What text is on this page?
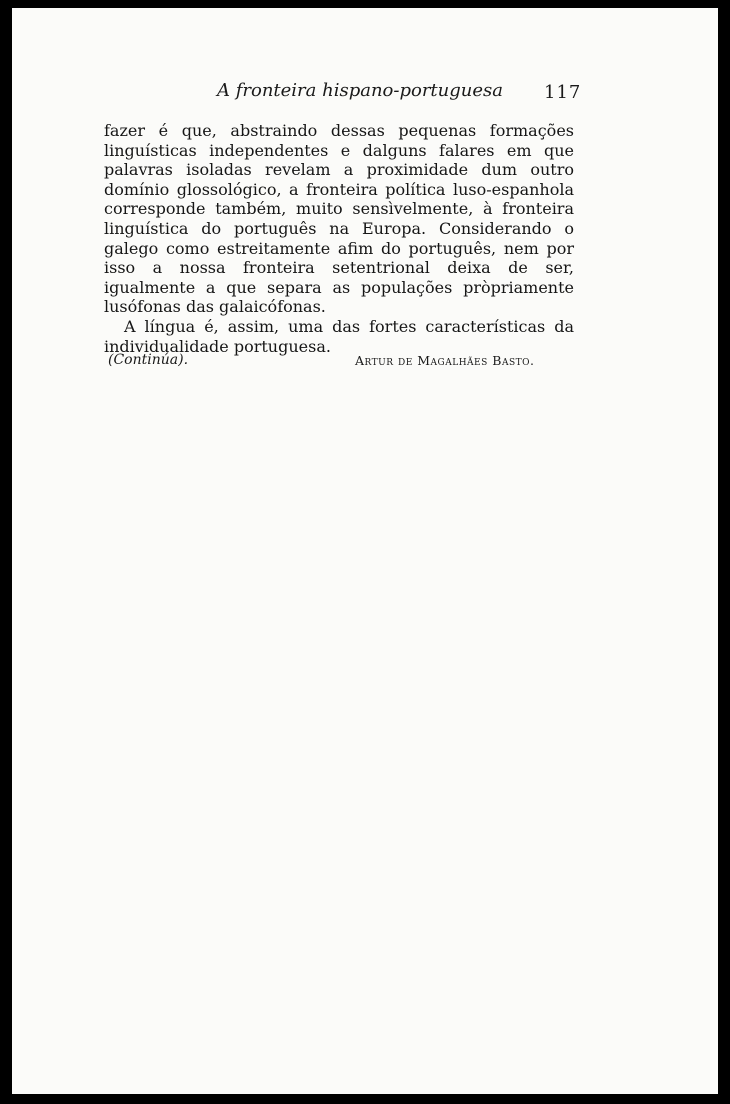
A fronteira hispano-portuguesa 117

fazer é que, abstraindo dessas pequenas formações linguísticas independentes e dalguns falares em que palavras isoladas revelam a proximidade dum outro domínio glossológico, a fronteira política luso-espanhola corresponde também, muito sensìvelmente, à fronteira linguística do português na Europa. Considerando o galego como estreitamente afim do português, nem por isso a nossa fronteira setentrional deixa de ser, igualmente a que separa as populações pròpriamente lusófonas das galaicófonas.

A língua é, assim, uma das fortes características da individualidade portuguesa.

(Continúa).	Artur de Magalhães Basto.
